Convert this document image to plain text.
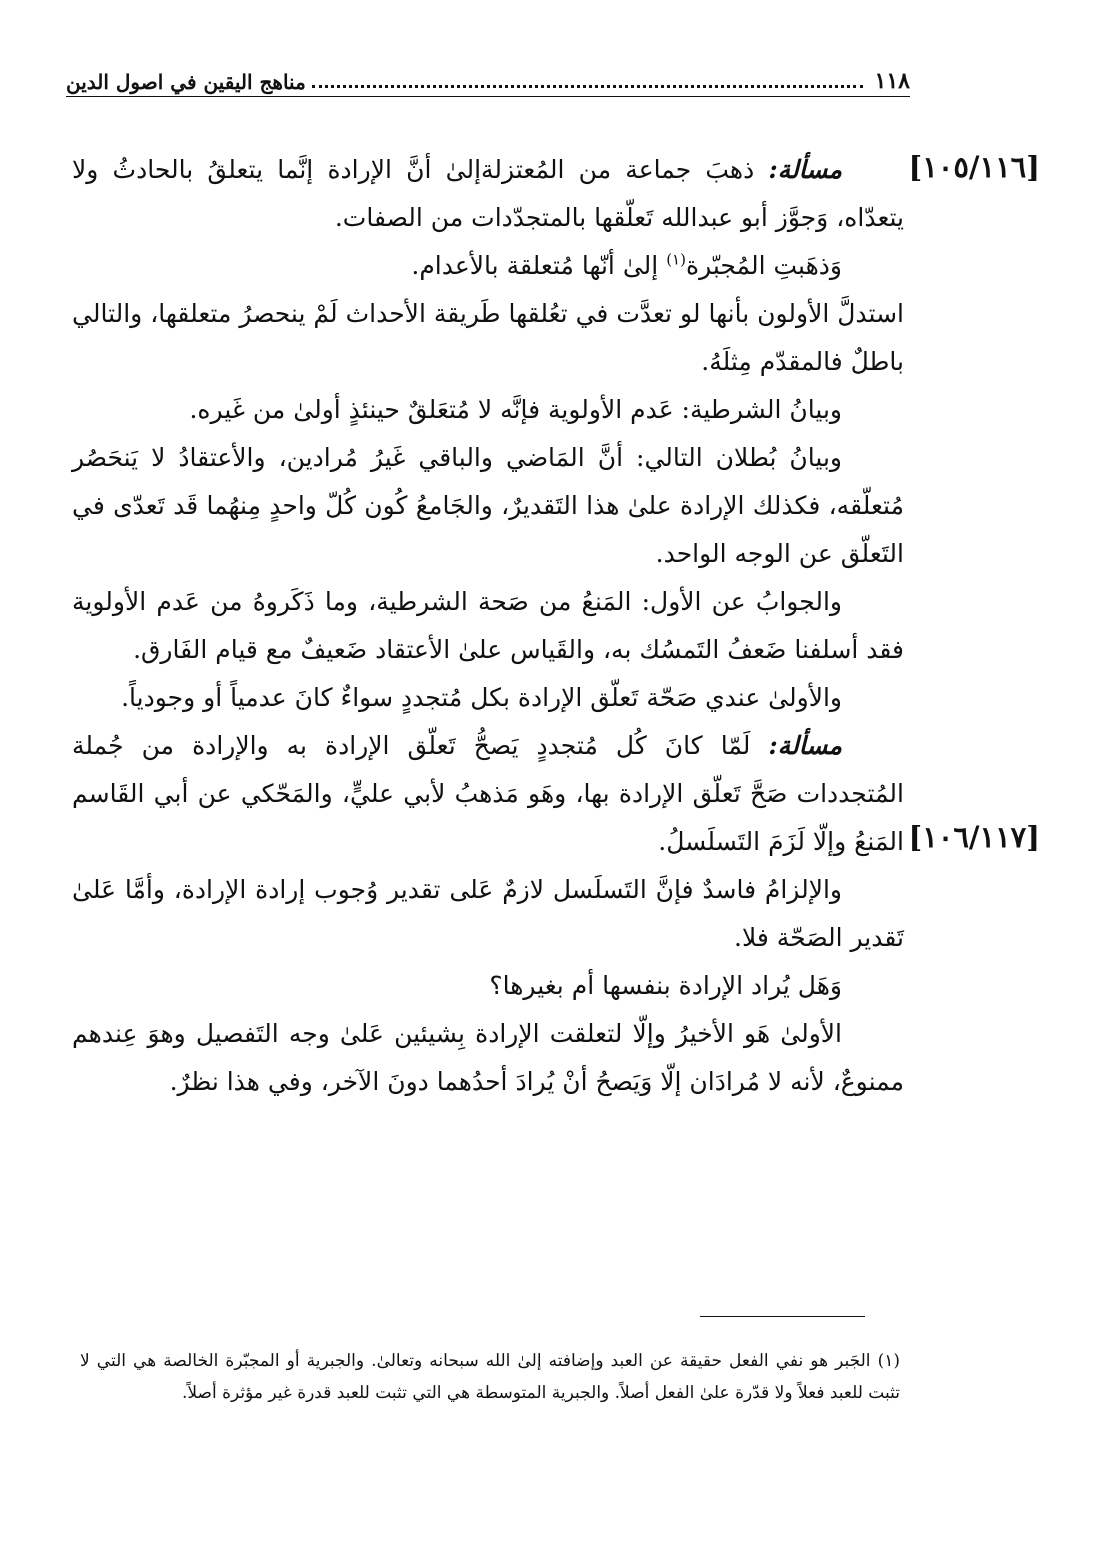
١١٨
مناهج اليقين في اصول الدين
[١٠٥/١١٦]
[١٠٦/١١٧]

مسألة: ذهبَ جماعة من المُعتزلةإلىٰ أنَّ الإرادة إنَّما يتعلقُ بالحادثُ ولا يتعدّاه، وَجوَّز أبو عبدالله تَعلّقها بالمتجدّدات من الصفات.

وَذهَبتِ المُجبّرة$^{(١)}$ إلىٰ أنّها مُتعلقة بالأعدام.

استدلَّ الأولون بأنها لو تعدَّت في تعُلقها طَريقة الأحداث لَمْ ينحصرُ متعلقها، والتالي باطلٌ فالمقدّم مِثلَهُ.

وبيانُ الشرطية: عَدم الأولوية فإنَّه لا مُتعَلقٌ حينئذٍ أولىٰ من غَيره.

وبيانُ بُطلان التالي: أنَّ المَاضي والباقي غَيرُ مُرادين، والأعتقادُ لا يَنحَصُر مُتعلّقه، فكذلك الإرادة علىٰ هذا التَقديرٌ، والجَامعُ كُون كُلّ واحدٍ مِنهُما قَد تَعدّى في التَعلّق عن الوجه الواحد.

والجوابُ عن الأول: المَنعُ من صَحة الشرطية، وما ذَكَروهُ من عَدم الأولوية فقد أسلفنا ضَعفُ التَمسُك به، والقَياس علىٰ الأعتقاد ضَعيفٌ مع قيام الفَارق.

والأولىٰ عندي صَحّة تَعلّق الإرادة بكل مُتجددٍ سواءٌ كانَ عدمياً أو وجودياً.

مسألة: لَمّا كانَ كُل مُتجددٍ يَصحُّ تَعلّق الإرادة به والإرادة من جُملة المُتجددات صَحَّ تَعلّق الإرادة بها، وهَو مَذهبُ لأبي عليٍّ، والمَحّكي عن أبي القَاسم المَنعُ وإلّا لَزَمَ التَسلَسلُ.

والإلزامُ فاسدٌ فإنَّ التَسلَسل لازمٌ عَلى تقدير وُجوب إرادة الإرادة، وأمَّا عَلىٰ تَقدير الصَحّة فلا.

وَهَل يُراد الإرادة بنفسها أم بغيرها؟

الأولىٰ هَو الأخيرُ وإلّا لتعلقت الإرادة بِشيئين عَلىٰ وجه التَفصيل وهوَ عِندهم ممنوعٌ، لأنه لا مُرادَان إلّا وَيَصحُ أنْ يُرادَ أحدُهما دونَ الآخر، وفي هذا نظرٌ.

(١) الجَبر هو نفي الفعل حقيقة عن العبد وإضافته إلىٰ الله سبحانه وتعالىٰ. والجبرية أو المجبّرة الخالصة هي التي لا تثبت للعبد فعلاً ولا قدّرة علىٰ الفعل أصلاً. والجبرية المتوسطة هي التي تثبت للعبد قدرة غير مؤثرة أصلاً.
